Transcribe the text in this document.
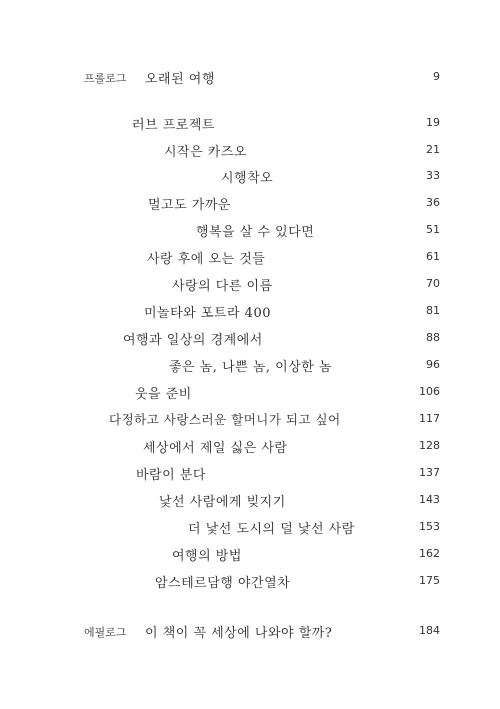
프롤로그 오래된 여행	9
러브 프로젝트	19
시작은 카즈오	21
시행착오	33
멀고도 가까운	36
행복을 살 수 있다면	51
사랑 후에 오는 것들	61
사랑의 다른 이름	70
미놀타와 포트라 400	81
여행과 일상의 경계에서	88
좋은 놈, 나쁜 놈, 이상한 놈	96
웃을 준비	106
다정하고 사랑스러운 할머니가 되고 싶어	117
세상에서 제일 싫은 사람	128
바람이 분다	137
낯선 사람에게 빚지기	143
더 낯선 도시의 덜 낯선 사람	153
여행의 방법	162
암스테르담행 야간열차	175
에필로그 이 책이 꼭 세상에 나와야 할까?	184
